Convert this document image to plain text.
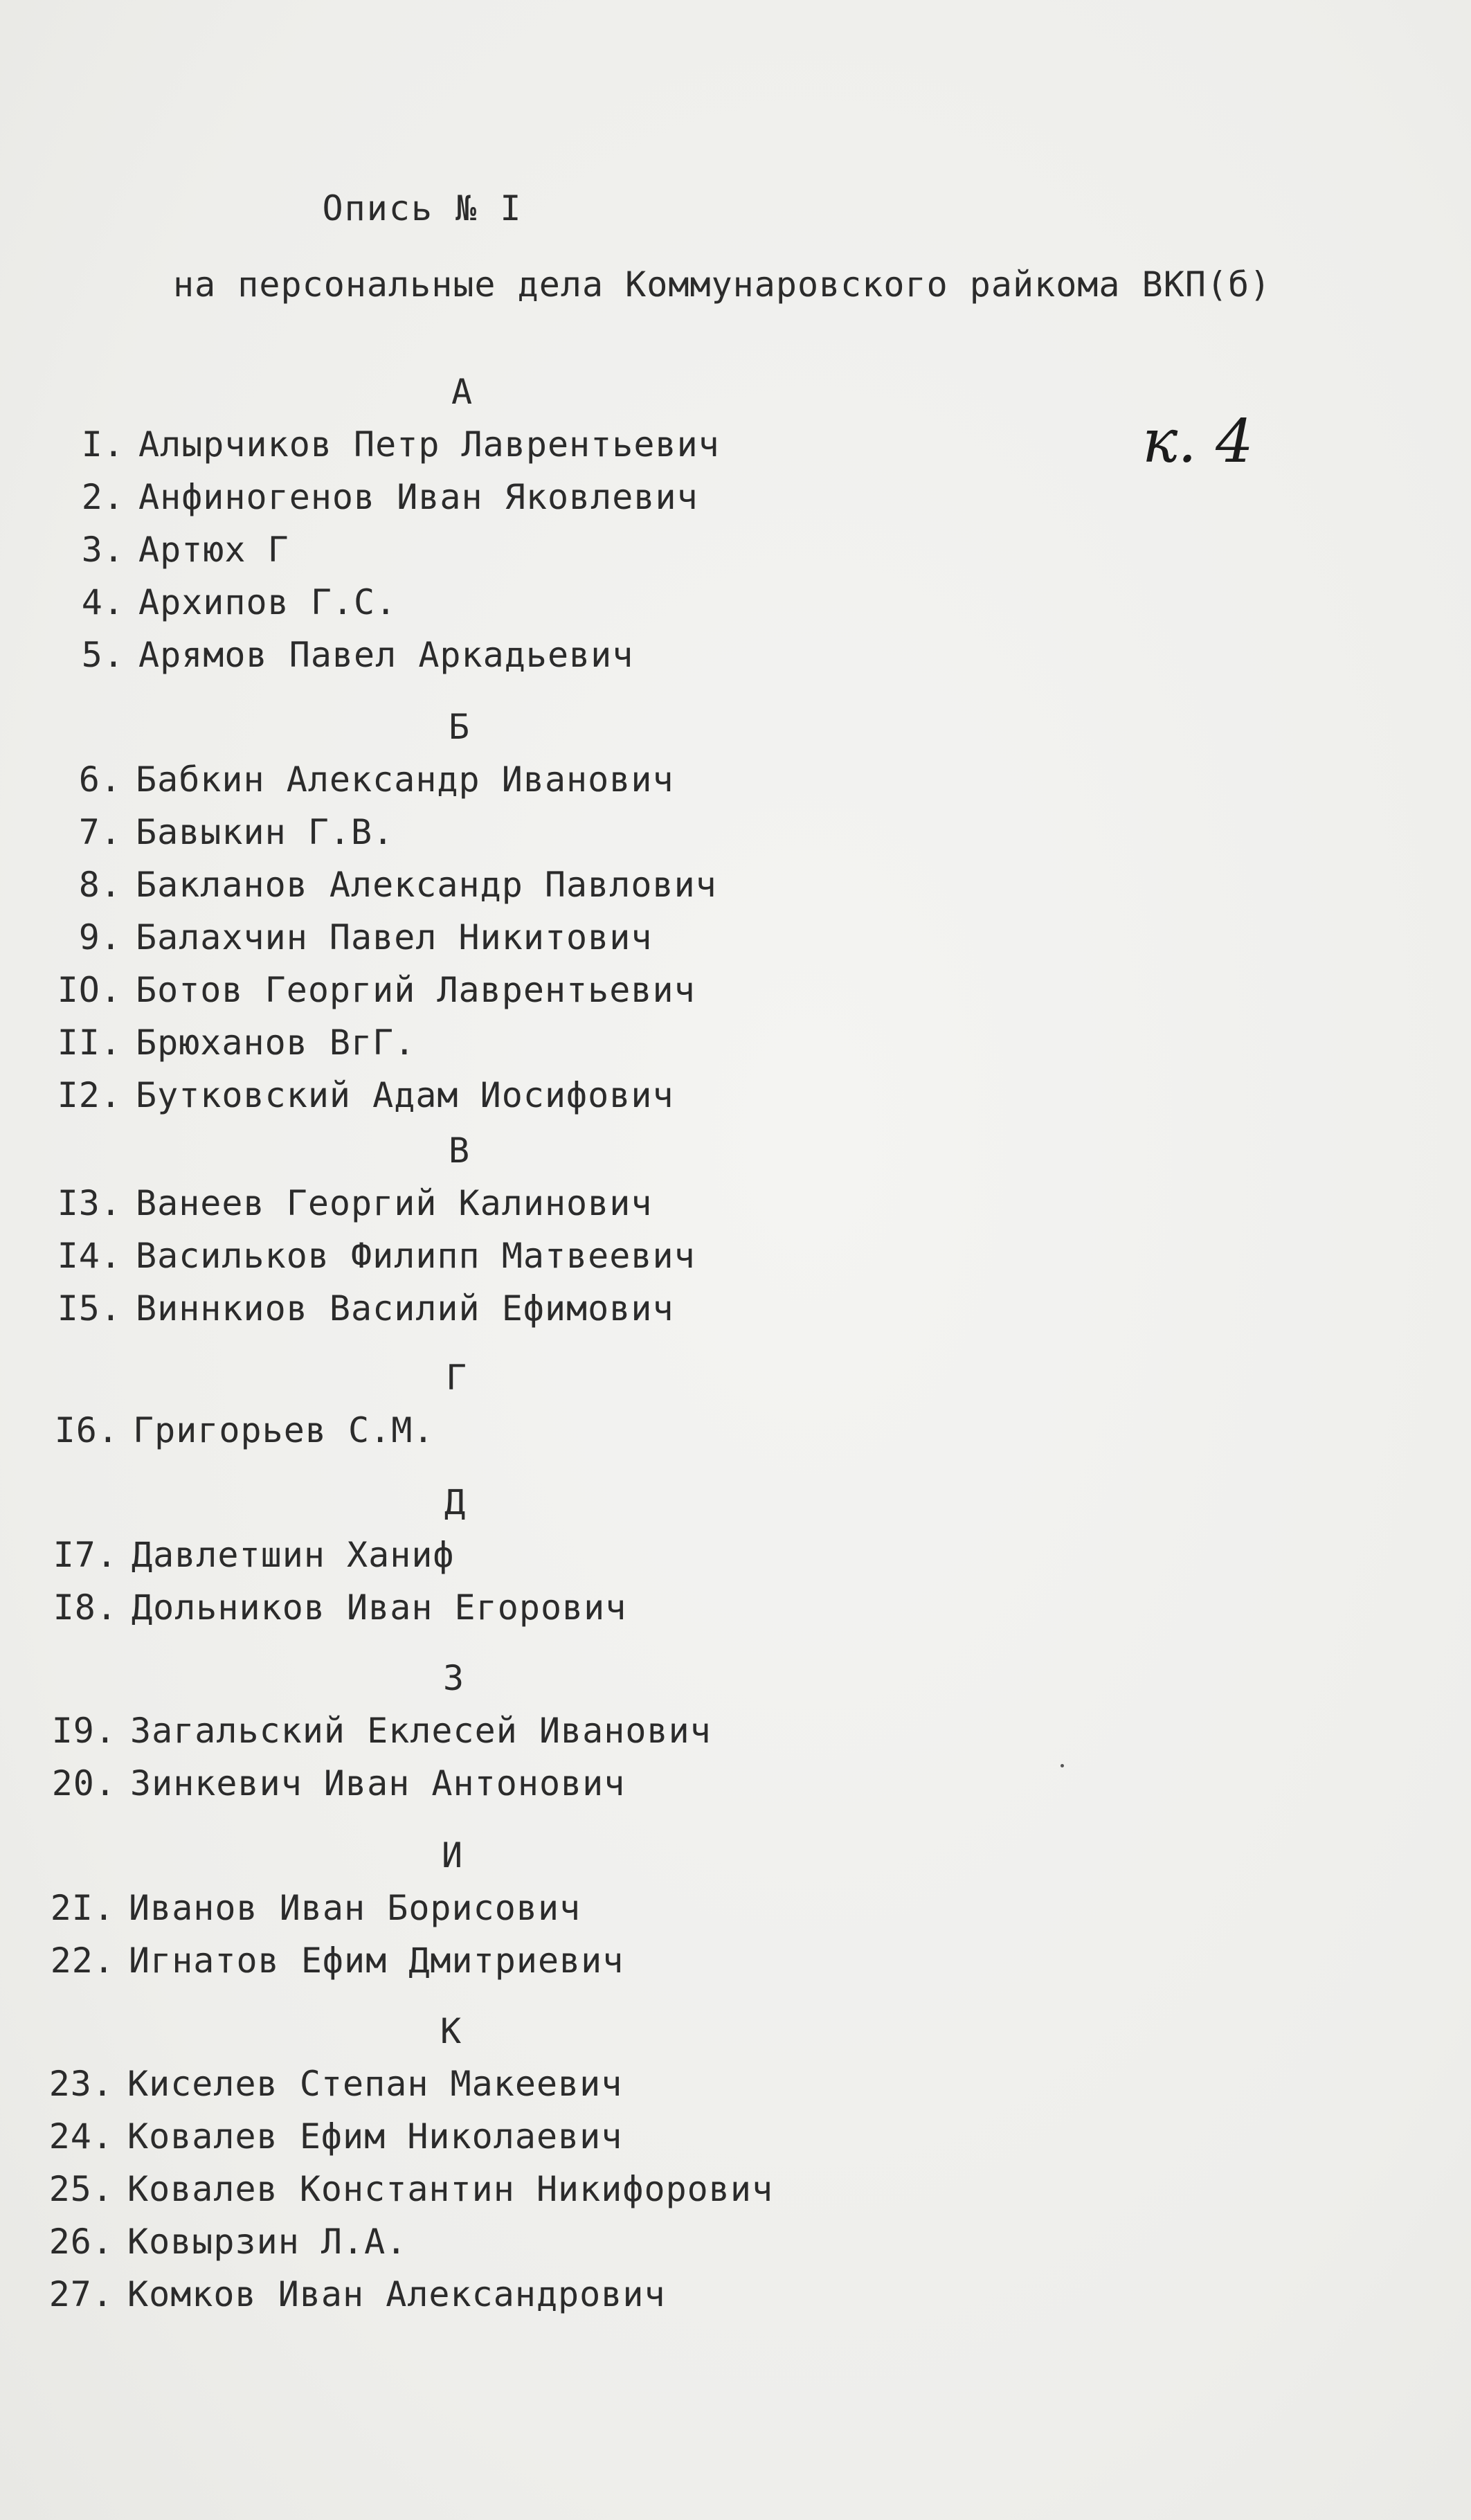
Опись № I
на персональные дела Коммунаровского райкома ВКП(б)
к. 4
А
I. Алырчиков Петр Лаврентьевич
2. Анфиногенов Иван Яковлевич
3. Артюх Г
4. Архипов Г.С.
5. Арямов Павел Аркадьевич
Б
6. Бабкин Александр Иванович
7. Бавыкин Г.В.
8. Бакланов Александр Павлович
9. Балахчин Павел Никитович
IO. Ботов Георгий Лаврентьевич
II. Брюханов ВгГ.
I2. Бутковский Адам Иосифович
В
I3. Ванеев Георгий Калинович
I4. Васильков Филипп Матвеевич
I5. Виннкиов Василий Ефимович
Г
I6. Григорьев С.М.
Д
I7. Давлетшин Ханиф
I8. Дольников Иван Егорович
З
I9. Загальский Еклесей Иванович
20. Зинкевич Иван Антонович
И
2I. Иванов Иван Борисович
22. Игнатов Ефим Дмитриевич
К
23. Киселев Степан Макеевич
24. Ковалев Ефим Николаевич
25. Ковалев Константин Никифорович
26. Ковырзин Л.А.
27. Комков Иван Александрович
